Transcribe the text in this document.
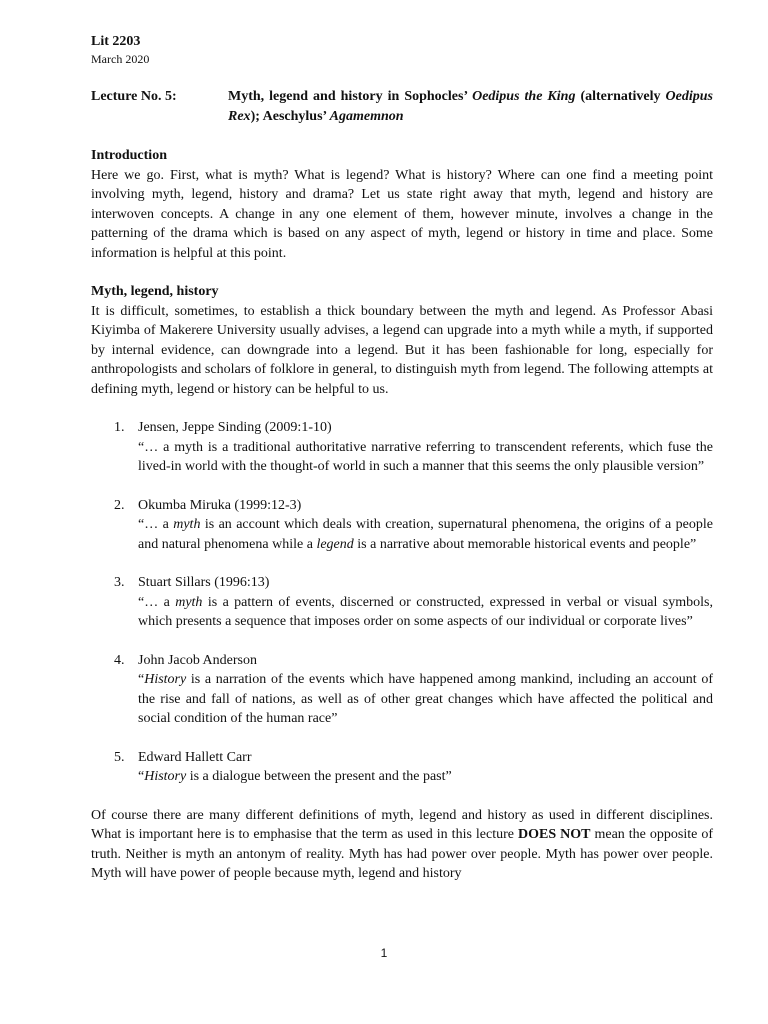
Lit 2203
March 2020
Lecture No. 5:	Myth, legend and history in Sophocles’ Oedipus the King (alternatively Oedipus Rex); Aeschylus’ Agamemnon
Introduction
Here we go. First, what is myth? What is legend? What is history? Where can one find a meeting point involving myth, legend, history and drama? Let us state right away that myth, legend and history are interwoven concepts. A change in any one element of them, however minute, involves a change in the patterning of the drama which is based on any aspect of myth, legend or history in time and place. Some information is helpful at this point.
Myth, legend, history
It is difficult, sometimes, to establish a thick boundary between the myth and legend. As Professor Abasi Kiyimba of Makerere University usually advises, a legend can upgrade into a myth while a myth, if supported by internal evidence, can downgrade into a legend. But it has been fashionable for long, especially for anthropologists and scholars of folklore in general, to distinguish myth from legend. The following attempts at defining myth, legend or history can be helpful to us.
1. Jensen, Jeppe Sinding (2009:1-10)
“… a myth is a traditional authoritative narrative referring to transcendent referents, which fuse the lived-in world with the thought-of world in such a manner that this seems the only plausible version”
2. Okumba Miruka (1999:12-3)
“… a myth is an account which deals with creation, supernatural phenomena, the origins of a people and natural phenomena while a legend is a narrative about memorable historical events and people”
3. Stuart Sillars (1996:13)
“… a myth is a pattern of events, discerned or constructed, expressed in verbal or visual symbols, which presents a sequence that imposes order on some aspects of our individual or corporate lives”
4. John Jacob Anderson
“History is a narration of the events which have happened among mankind, including an account of the rise and fall of nations, as well as of other great changes which have affected the political and social condition of the human race”
5. Edward Hallett Carr
“History is a dialogue between the present and the past”
Of course there are many different definitions of myth, legend and history as used in different disciplines. What is important here is to emphasise that the term as used in this lecture DOES NOT mean the opposite of truth. Neither is myth an antonym of reality. Myth has had power over people. Myth has power over people. Myth will have power of people because myth, legend and history
1
